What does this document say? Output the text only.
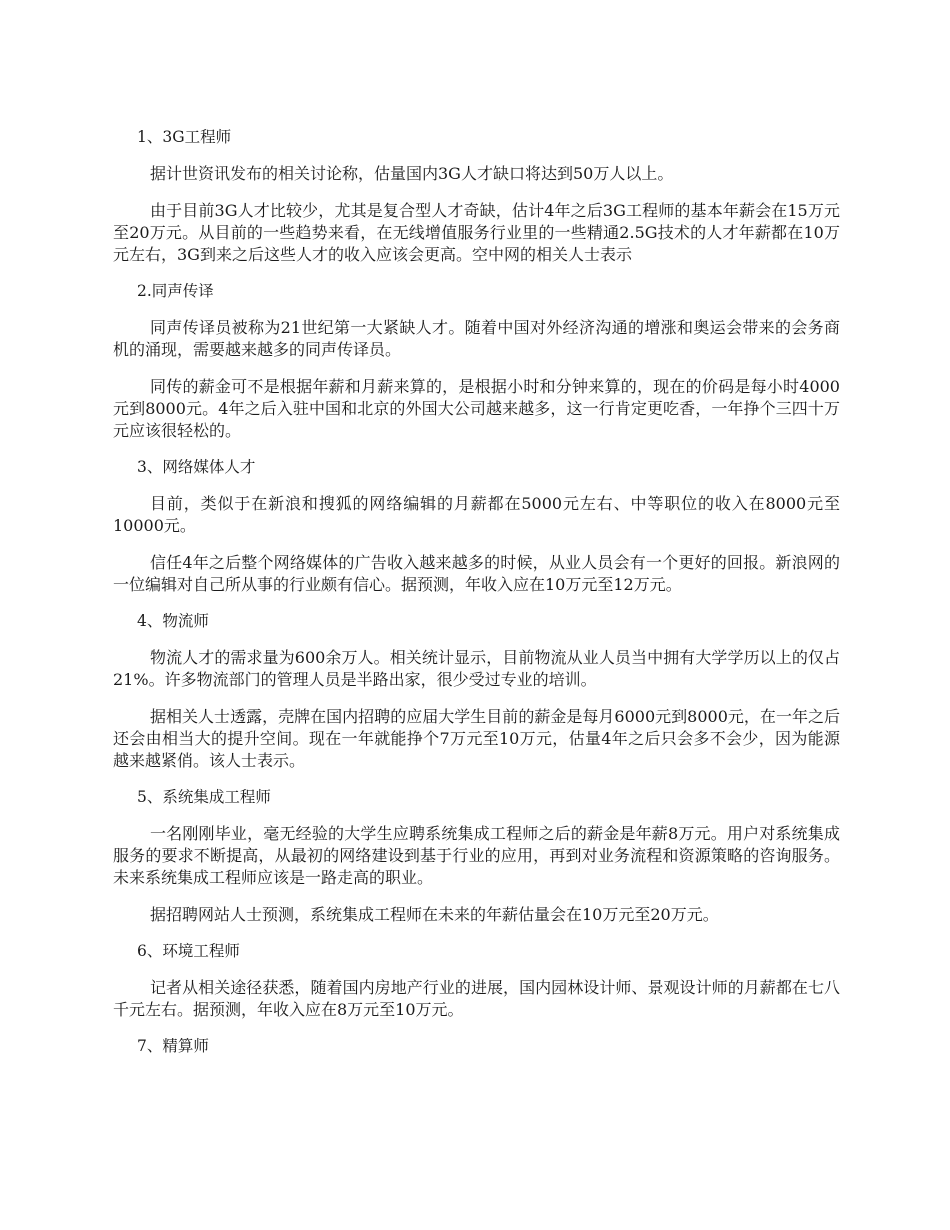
1、3G工程师

据计世资讯发布的相关讨论称，估量国内3G人才缺口将达到50万人以上。

由于目前3G人才比较少，尤其是复合型人才奇缺，估计4年之后3G工程师的基本年薪会在15万元至20万元。从目前的一些趋势来看，在无线增值服务行业里的一些精通2.5G技术的人才年薪都在10万元左右，3G到来之后这些人才的收入应该会更高。空中网的相关人士表示

2.同声传译

同声传译员被称为21世纪第一大紧缺人才。随着中国对外经济沟通的增涨和奥运会带来的会务商机的涌现，需要越来越多的同声传译员。

同传的薪金可不是根据年薪和月薪来算的，是根据小时和分钟来算的，现在的价码是每小时4000元到8000元。4年之后入驻中国和北京的外国大公司越来越多，这一行肯定更吃香，一年挣个三四十万元应该很轻松的。

3、网络媒体人才

目前，类似于在新浪和搜狐的网络编辑的月薪都在5000元左右、中等职位的收入在8000元至10000元。

信任4年之后整个网络媒体的广告收入越来越多的时候，从业人员会有一个更好的回报。新浪网的一位编辑对自己所从事的行业颇有信心。据预测，年收入应在10万元至12万元。

4、物流师

物流人才的需求量为600余万人。相关统计显示，目前物流从业人员当中拥有大学学历以上的仅占21%。许多物流部门的管理人员是半路出家，很少受过专业的培训。

据相关人士透露，売牌在国内招聘的应届大学生目前的薪金是每月6000元到8000元，在一年之后还会由相当大的提升空间。现在一年就能挣个7万元至10万元，估量4年之后只会多不会少，因为能源越来越紧俏。该人士表示。

5、系统集成工程师

一名刚刚毕业，毫无经验的大学生应聘系统集成工程师之后的薪金是年薪8万元。用户对系统集成服务的要求不断提高，从最初的网络建设到基于行业的应用，再到对业务流程和资源策略的咨询服务。未来系统集成工程师应该是一路走高的职业。

据招聘网站人士预测，系统集成工程师在未来的年薪估量会在10万元至20万元。

6、环境工程师

记者从相关途径获悉，随着国内房地产行业的进展，国内园林设计师、景观设计师的月薪都在七八千元左右。据预测，年收入应在8万元至10万元。

7、精算师
